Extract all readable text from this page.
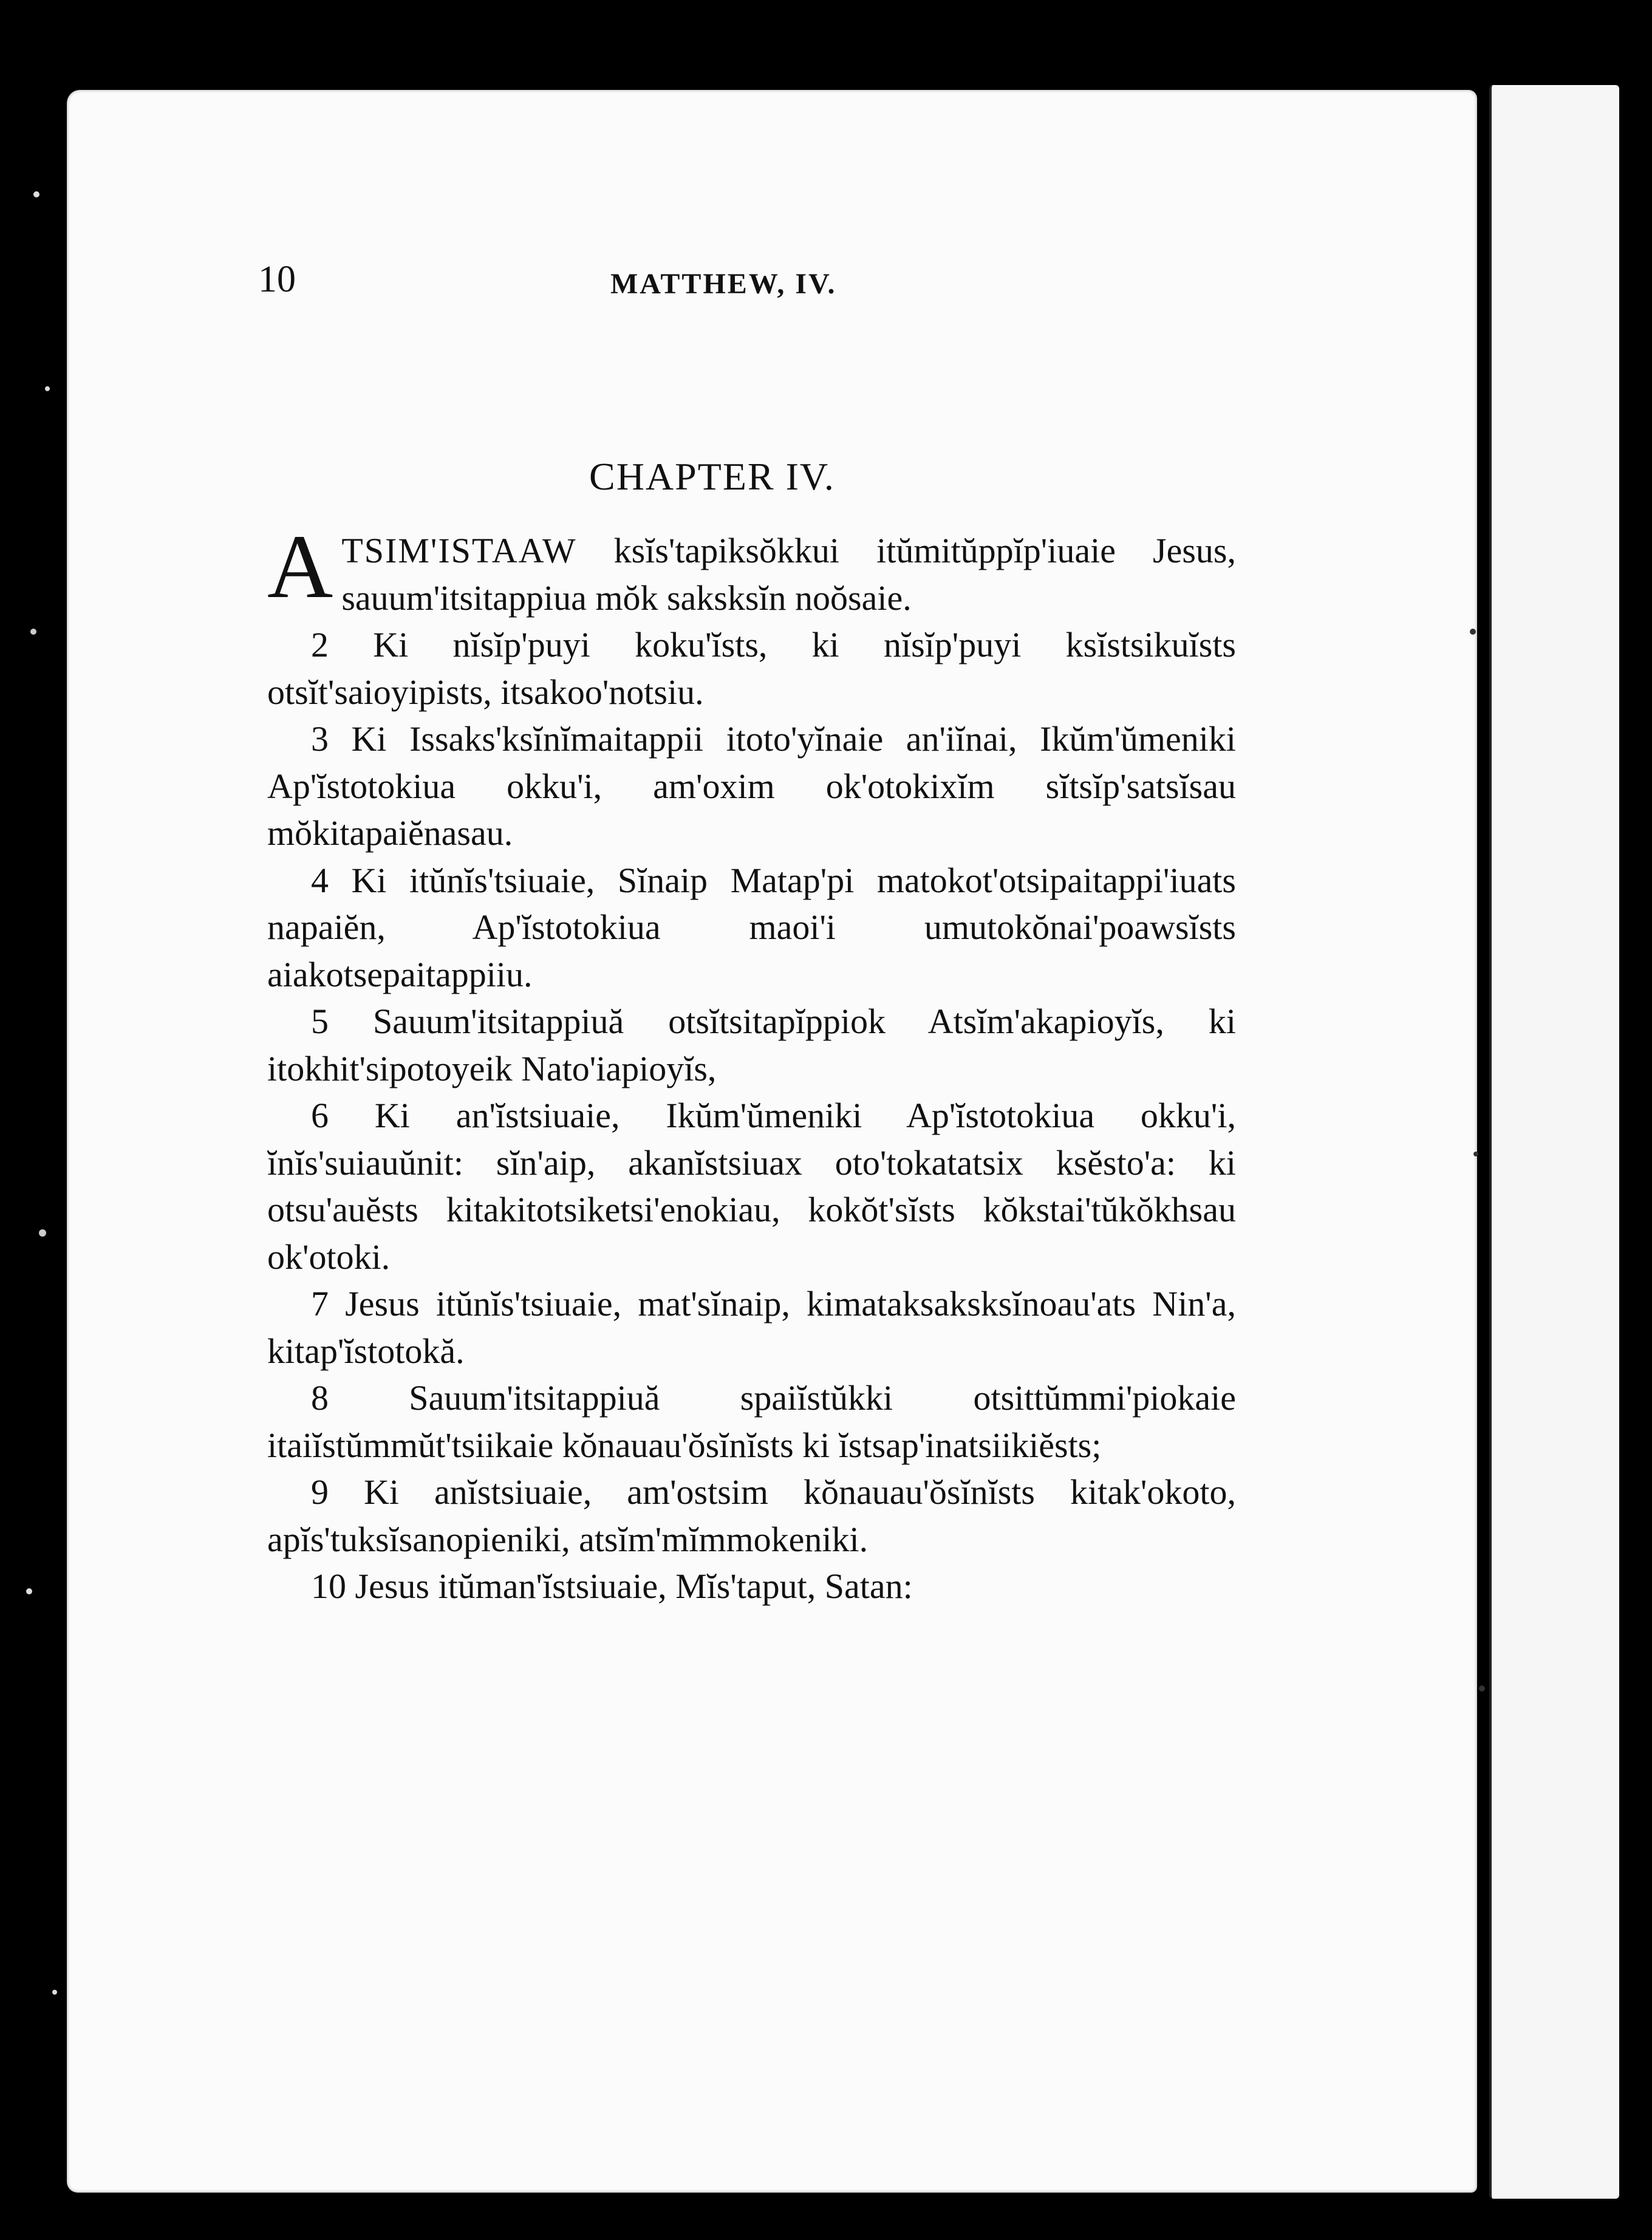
10	MATTHEW, IV.
CHAPTER IV.

ATSIM'ISTAAW ksĭs'tapiksŏkkui itŭmitŭppĭp'iuaie Jesus, sauum'itsitappiua mŏk saksksĭn noŏsaie.

2 Ki nĭsĭp'puyi koku'ĭsts, ki nĭsĭp'puyi ksĭstsikuĭsts otsĭt'saioyipists, itsakoo'notsiu.

3 Ki Issaks'ksĭnĭmaitappii itoto'yĭnaie an'iĭnai, Ikŭm'ŭmeniki Ap'ĭstotokiua okku'i, am'oxim ok'otokixĭm sĭtsĭp'satsĭsau mŏkitapaiĕnasau.

4 Ki itŭnĭs'tsiuaie, Sĭnaip Matap'pi matokot'otsipaitappi'iuats napaiĕn, Ap'ĭstotokiua maoi'i umutokŏnai'poawsĭsts aiakotsepaitappiiu.

5 Sauum'itsitappiuă otsĭtsitapĭppiok Atsĭm'akapioyĭs, ki itokhit'sipotoyeik Nato'iapioyĭs,

6 Ki an'ĭstsiuaie, Ikŭm'ŭmeniki Ap'ĭstotokiua okku'i, ĭnĭs'suiauŭnit: sĭn'aip, akanĭstsiuax oto'tokatatsix ksĕsto'a: ki otsu'auĕsts kitakitotsiketsi'enokiau, kokŏt'sĭsts kŏkstai'tŭkŏkhsau ok'otoki.

7 Jesus itŭnĭs'tsiuaie, mat'sĭnaip, kimataksaksksĭnoau'ats Nin'a, kitap'ĭstotokă.

8 Sauum'itsitappiuă spaiĭstŭkki otsittŭmmi'piokaie itaiĭstŭmmŭt'tsiikaie kŏnauau'ŏsĭnĭsts ki ĭstsap'inatsiikiĕsts;

9 Ki anĭstsiuaie, am'ostsim kŏnauau'ŏsĭnĭsts kitak'okoto, apĭs'tuksĭsanopieniki, atsĭm'mĭmmokeniki.

10 Jesus itŭman'ĭstsiuaie, Mĭs'taput, Satan:
